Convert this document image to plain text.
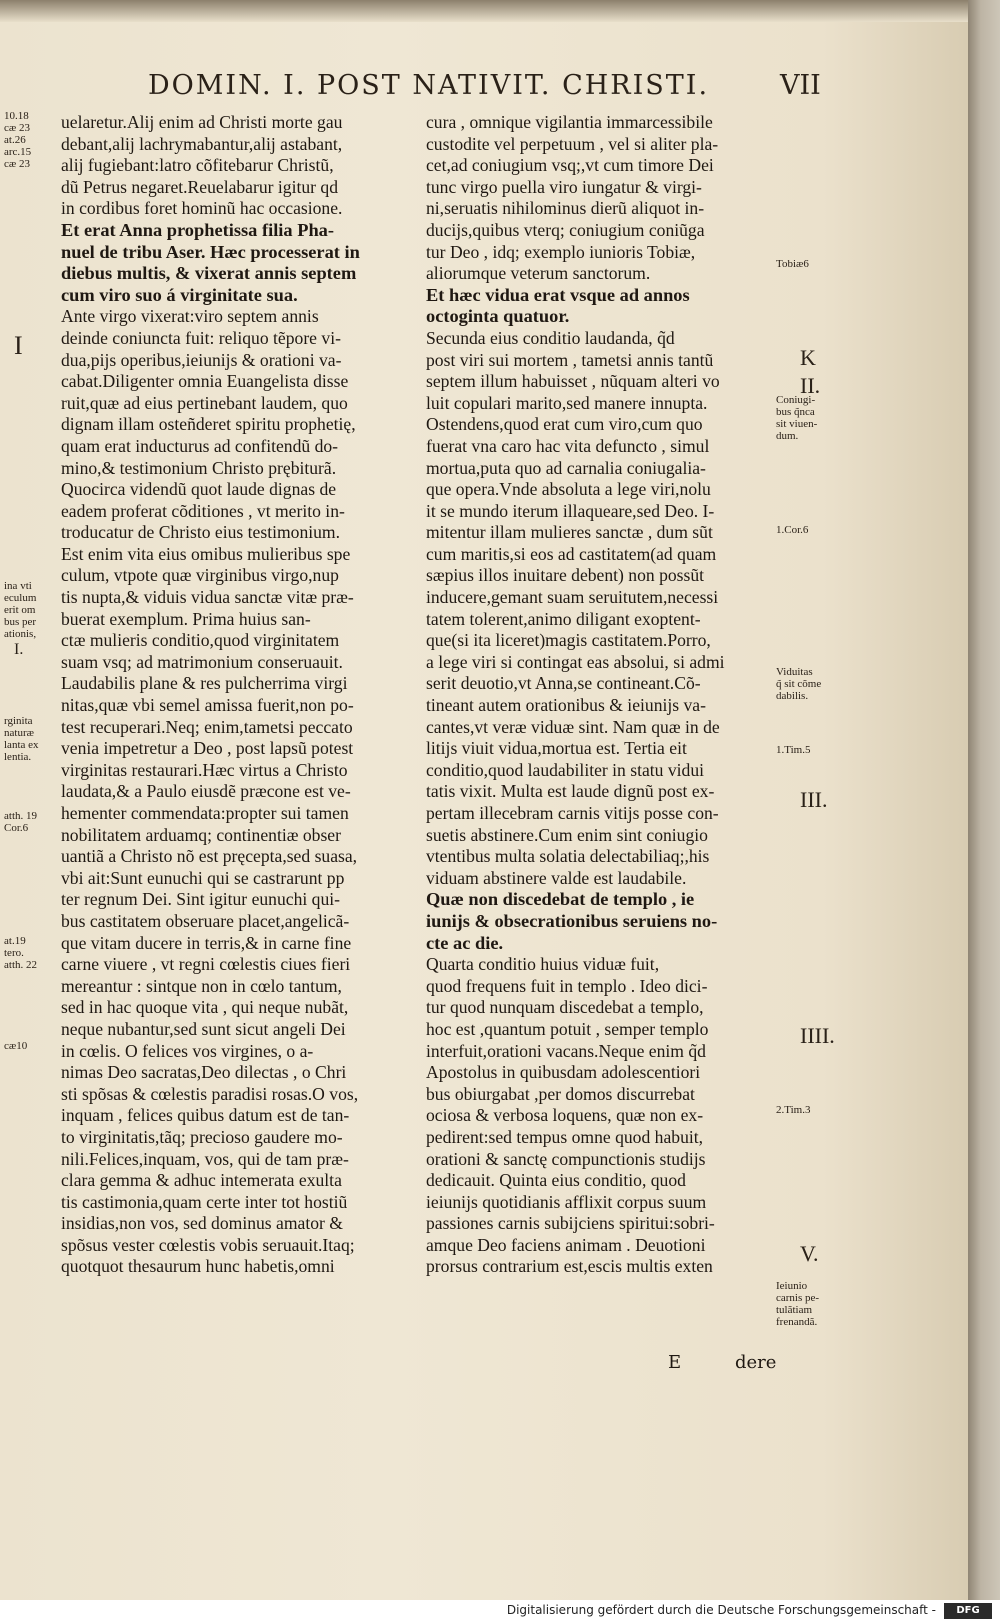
DOMIN. I. POST NATIVIT. CHRISTI.	VII
10.18
cæ 23
at.26
arc.15
cæ 23
I
ina vti
eculum
erit om
bus per
ationis,
I.
rginita
naturæ
lanta ex
lentia.
atth. 19
Cor.6
at.19
tero.
atth. 22
cæ10
uelaretur.Alij enim ad Christi morte gau
debant,alij lachrymabantur,alij astabant,
alij fugiebant:latro cõfitebarur Christũ,
dũ Petrus negaret.Reuelabarur igitur qd
in cordibus foret hominũ hac occasione.
Et erat Anna prophetissa filia Pha-
nuel de tribu Aser. Hæc processerat in
diebus multis, & vixerat annis septem
cum viro suo á virginitate sua.
Ante virgo vixerat:viro septem annis
deinde coniuncta fuit: reliquo tẽpore vi-
dua,pijs operibus,ieiunijs & orationi va-
cabat.Diligenter omnia Euangelista disse
ruit,quæ ad eius pertinebant laudem, quo
dignam illam osteñderet spiritu prophetię,
quam erat inducturus ad confitendũ do-
mino,& testimonium Christo prębiturã.
Quocirca videndũ quot laude dignas de
eadem proferat cõditiones , vt merito in-
troducatur de Christo eius testimonium.
Est enim vita eius omibus mulieribus spe
culum, vtpote quæ virginibus virgo,nup
tis nupta,& viduis vidua sanctæ vitæ præ-
buerat exemplum. Prima huius san-
ctæ mulieris conditio,quod virginitatem
suam vsq; ad matrimonium conseruauit.
Laudabilis plane & res pulcherrima virgi
nitas,quæ vbi semel amissa fuerit,non po-
test recuperari.Neq; enim,tametsi peccato
venia impetretur a Deo , post lapsũ potest
virginitas restaurari.Hæc virtus a Christo
laudata,& a Paulo eiusdẽ præcone est ve-
hementer commendata:propter sui tamen
nobilitatem arduamq; continentiæ obser
uantiã a Christo nõ est pręcepta,sed suasa,
vbi ait:Sunt eunuchi qui se castrarunt pp
ter regnum Dei. Sint igitur eunuchi qui-
bus castitatem obseruare placet,angelicã-
que vitam ducere in terris,& in carne fine
carne viuere , vt regni cœlestis ciues fieri
mereantur : sintque non in cœlo tantum,
sed in hac quoque vita , qui neque nubãt,
neque nubantur,sed sunt sicut angeli Dei
in cœlis. O felices vos virgines, o a-
nimas Deo sacratas,Deo dilectas , o Chri
sti spõsas & cœlestis paradisi rosas.O vos,
inquam , felices quibus datum est de tan-
to virginitatis,tãq; precioso gaudere mo-
nili.Felices,inquam, vos, qui de tam præ-
clara gemma & adhuc intemerata exulta
tis castimonia,quam certe inter tot hostiũ
insidias,non vos, sed dominus amator &
spõsus vester cœlestis vobis seruauit.Itaq;
quotquot thesaurum hunc habetis,omni
cura , omnique vigilantia immarcessibile
custodite vel perpetuum , vel si aliter pla-
cet,ad coniugium vsq;,vt cum timore Dei
tunc virgo puella viro iungatur & virgi-
ni,seruatis nihilominus dierũ aliquot in-
ducijs,quibus vterq; coniugium coniũga
tur Deo , idq; exemplo iunioris Tobiæ,
aliorumque veterum sanctorum.
Et hæc vidua erat vsque ad annos
octoginta quatuor.
Secunda eius conditio laudanda, q̃d
post viri sui mortem , tametsi annis tantũ
septem illum habuisset , nũquam alteri vo
luit copulari marito,sed manere innupta.
Ostendens,quod erat cum viro,cum quo
fuerat vna caro hac vita defuncto , simul
mortua,puta quo ad carnalia coniugalia-
que opera.Vnde absoluta a lege viri,nolu
it se mundo iterum illaqueare,sed Deo. I-
mitentur illam mulieres sanctæ , dum sũt
cum maritis,si eos ad castitatem(ad quam
sæpius illos inuitare debent) non possũt
inducere,gemant suam seruitutem,necessi
tatem tolerent,animo diligant exoptent-
que(si ita liceret)magis castitatem.Porro,
a lege viri si contingat eas absolui, si admi
serit deuotio,vt Anna,se contineant.Cõ-
tineant autem orationibus & ieiunijs va-
cantes,vt veræ viduæ sint. Nam quæ in de
litijs viuit vidua,mortua est. Tertia eit
conditio,quod laudabiliter in statu vidui
tatis vixit. Multa est laude dignũ post ex-
pertam illecebram carnis vitijs posse con-
suetis abstinere.Cum enim sint coniugio
vtentibus multa solatia delectabiliaq;,his
viduam abstinere valde est laudabile.
Quæ non discedebat de templo , ie
iunijs & obsecrationibus seruiens no-
cte ac die.
Quarta conditio huius viduæ fuit,
quod frequens fuit in templo . Ideo dici-
tur quod nunquam discedebat a templo,
hoc est ,quantum potuit , semper templo
interfuit,orationi vacans.Neque enim q̃d
Apostolus in quibusdam adolescentiori
bus obiurgabat ,per domos discurrebat
ociosa & verbosa loquens, quæ non ex-
pedirent:sed tempus omne quod habuit,
orationi & sanctę compunctionis studijs
dedicauit. Quinta eius conditio, quod
ieiunijs quotidianis afflixit corpus suum
passiones carnis subijciens spiritui:sobri-
amque Deo faciens animam . Deuotioni
prorsus contrarium est,escis multis exten
Tobiæ6
K
II.
Coniugi-
bus q̃nca
sit viuen-
dum.
1.Cor.6
Viduitas
q̃ sit cõme
dabilis.
1.Tim.5
III.
IIII.
2.Tim.3
V.
Ieiunio
carnis pe-
tulãtiam
frenandã.
E	dere
Digitalisierung gefördert durch die Deutsche Forschungsgemeinschaft -	DFG
